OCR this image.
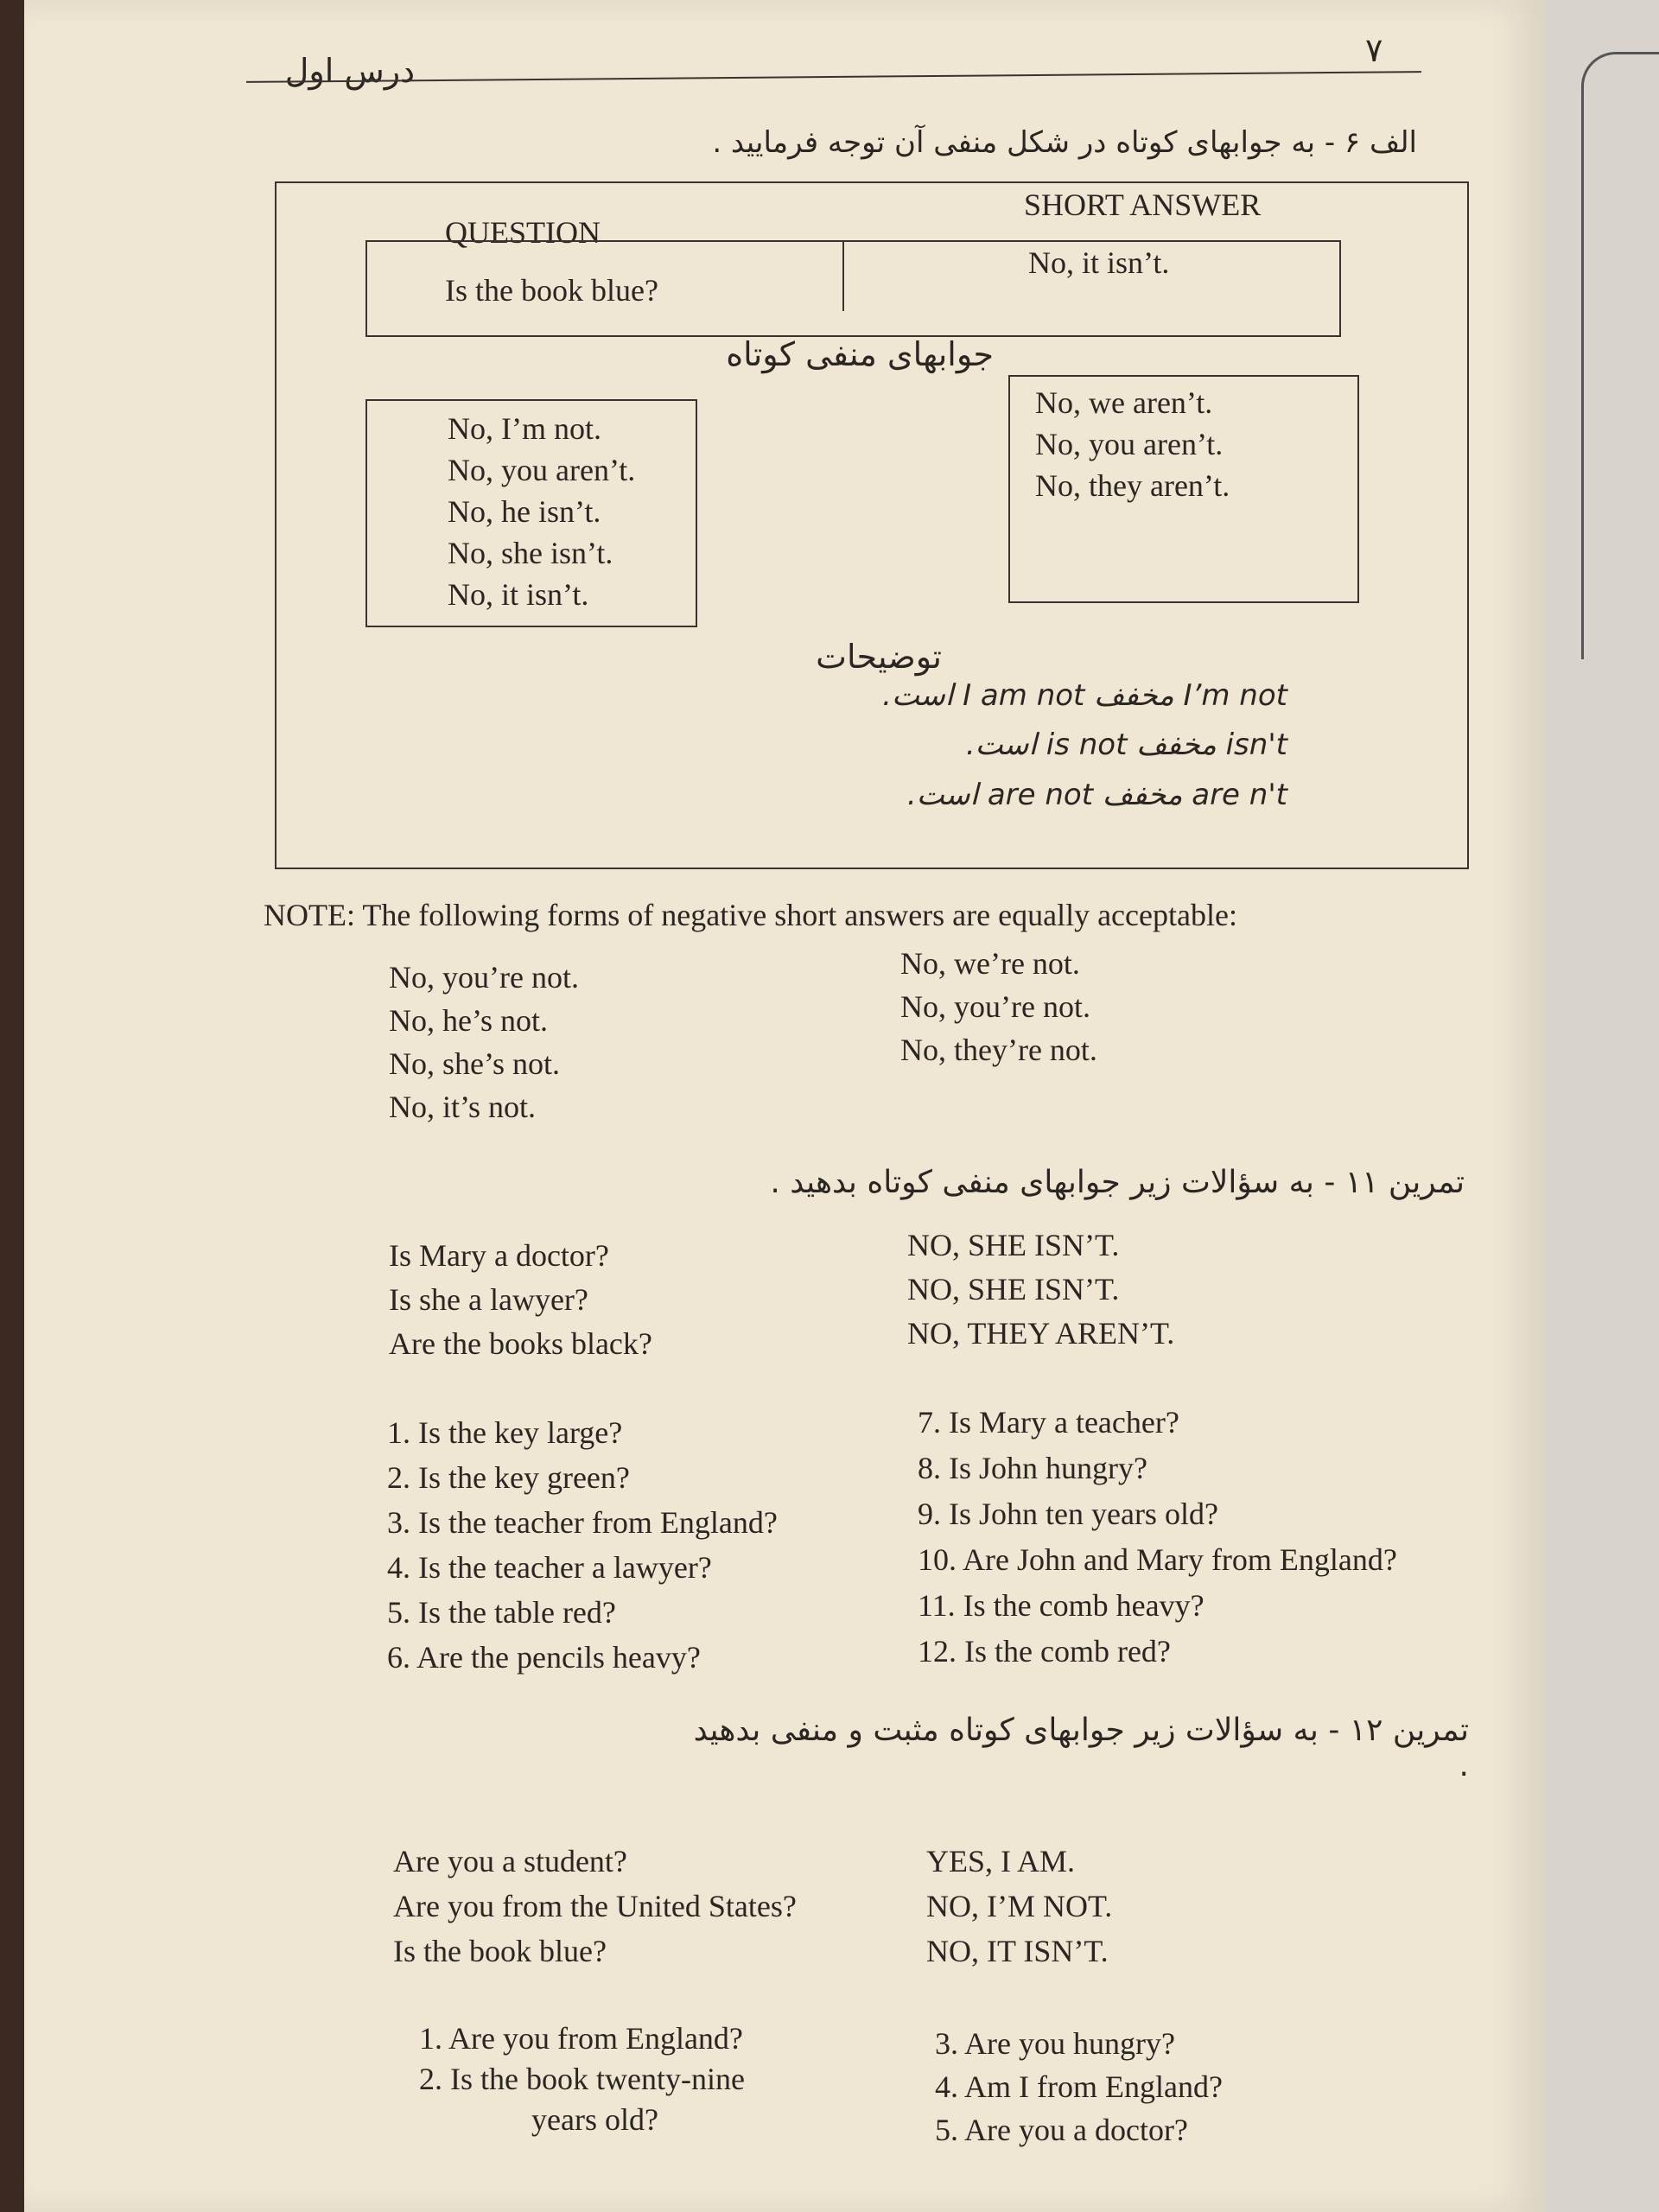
درس اول
۷
الف ۶ - به جوابهای کوتاه در شکل منفی آن توجه فرمایید .
QUESTION
SHORT ANSWER
Is the book blue?
No, it isn’t.
جوابهای منفی کوتاه
No, I’m not.
No, you aren’t.
No, he isn’t.
No, she isn’t.
No, it isn’t.
No, we aren’t.
No, you aren’t.
No, they aren’t.
توضیحات
I’m not مخفف I am not است.
isn't مخفف is not است.
are n't مخفف are not است.
NOTE: The following forms of negative short answers are equally acceptable:
No, you’re not.
No, he’s not.
No, she’s not.
No, it’s not.
No, we’re not.
No, you’re not.
No, they’re not.
تمرین ۱۱ - به سؤالات زیر جوابهای منفی کوتاه بدهید .
Is Mary a doctor?
Is she a lawyer?
Are the books black?
NO, SHE ISN’T.
NO, SHE ISN’T.
NO, THEY AREN’T.
1. Is the key large?
2. Is the key green?
3. Is the teacher from England?
4. Is the teacher a lawyer?
5. Is the table red?
6. Are the pencils heavy?
7. Is Mary a teacher?
8. Is John hungry?
9. Is John ten years old?
10. Are John and Mary from England?
11. Is the comb heavy?
12. Is the comb red?
تمرین ۱۲ - به سؤالات زیر جوابهای کوتاه مثبت و منفی بدهید .
Are you a student?
Are you from the United States?
Is the book blue?
YES, I AM.
NO, I’M NOT.
NO, IT ISN’T.
1. Are you from England?
2. Is the book twenty-nine
years old?
3. Are you hungry?
4. Am I from England?
5. Are you a doctor?
